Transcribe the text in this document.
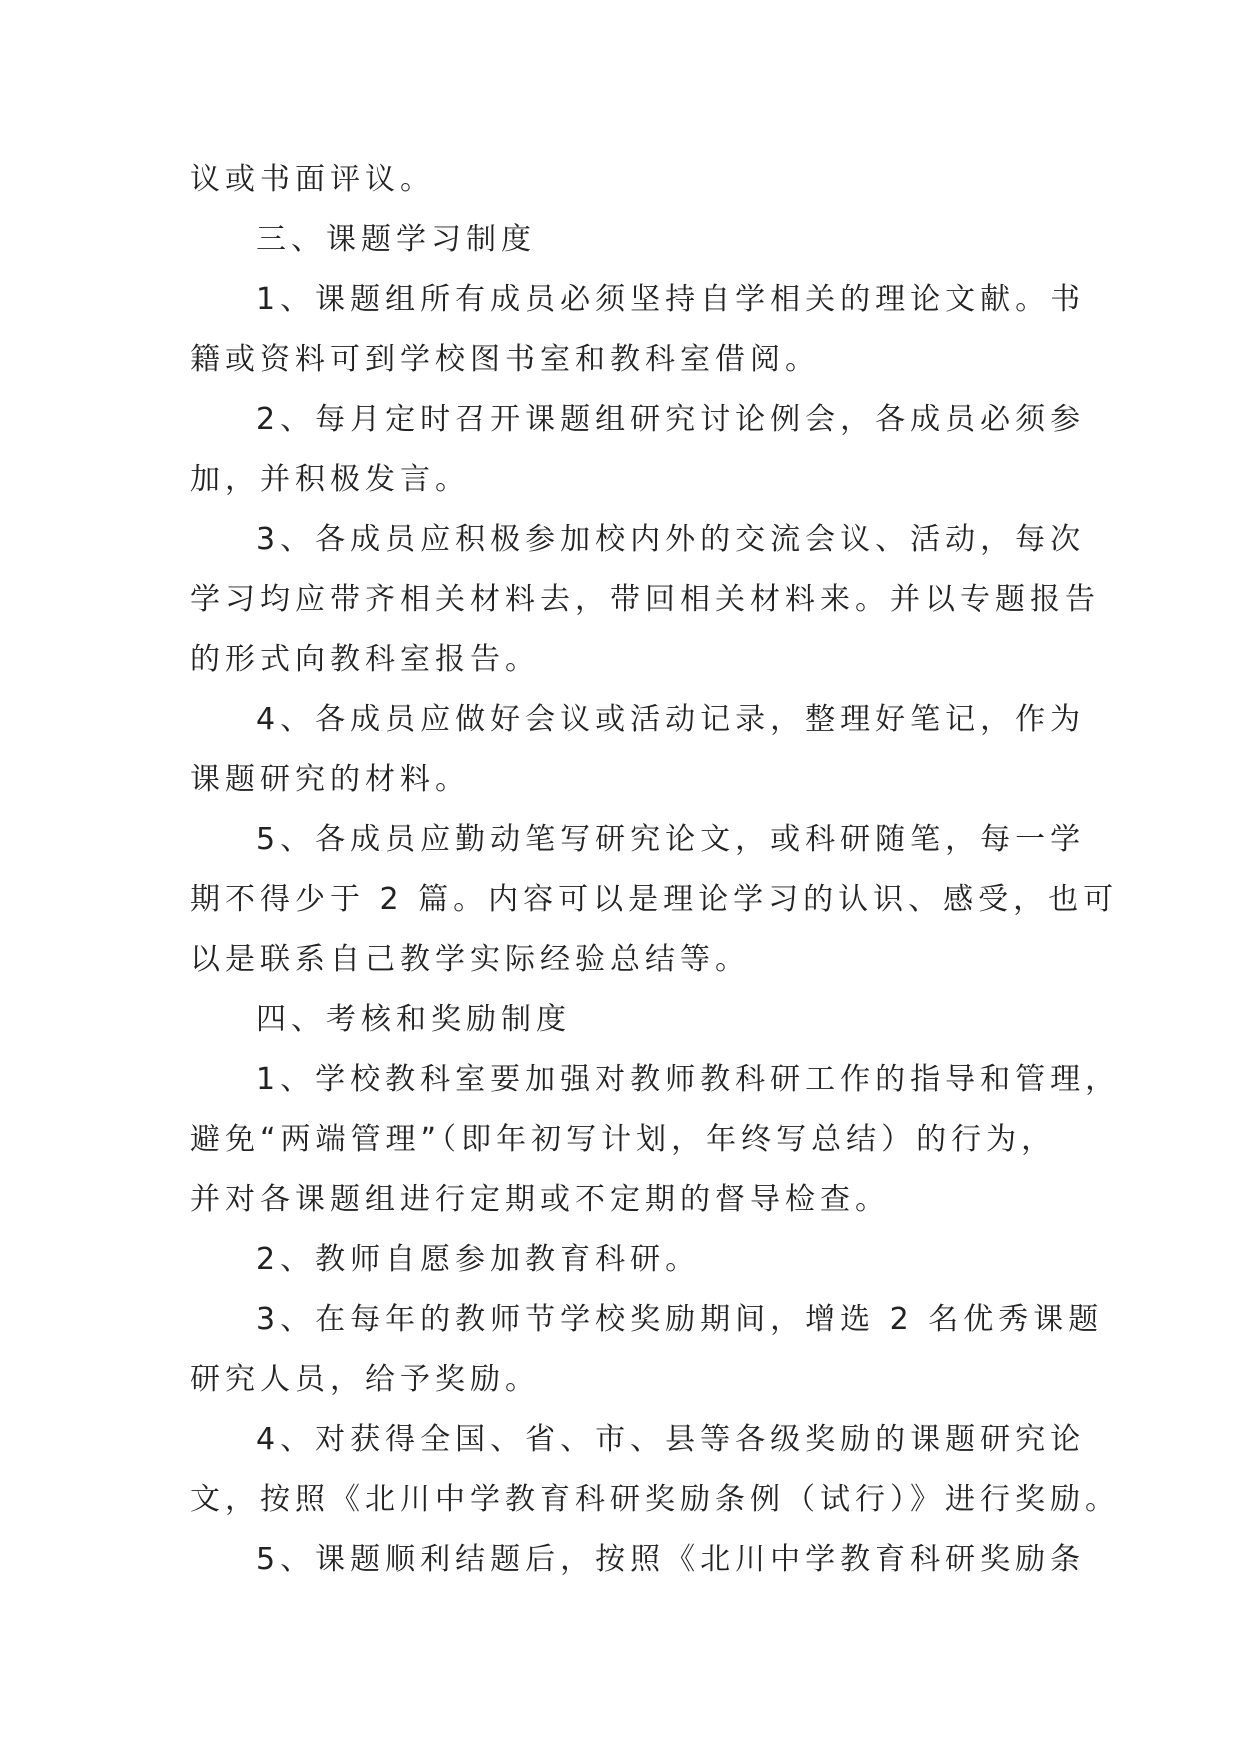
议或书面评议。
三、课题学习制度
1、课题组所有成员必须坚持自学相关的理论文献。书
籍或资料可到学校图书室和教科室借阅。
2、每月定时召开课题组研究讨论例会，各成员必须参
加，并积极发言。
3、各成员应积极参加校内外的交流会议、活动，每次
学习均应带齐相关材料去，带回相关材料来。并以专题报告
的形式向教科室报告。
4、各成员应做好会议或活动记录，整理好笔记，作为
课题研究的材料。
5、各成员应勤动笔写研究论文，或科研随笔，每一学
期不得少于 2 篇。内容可以是理论学习的认识、感受，也可
以是联系自己教学实际经验总结等。
四、考核和奖励制度
1、学校教科室要加强对教师教科研工作的指导和管理，
避免“两端管理”（即年初写计划，年终写总结）的行为，
并对各课题组进行定期或不定期的督导检查。
2、教师自愿参加教育科研。
3、在每年的教师节学校奖励期间，增选 2 名优秀课题
研究人员，给予奖励。
4、对获得全国、省、市、县等各级奖励的课题研究论
文，按照《北川中学教育科研奖励条例（试行）》进行奖励。
5、课题顺利结题后，按照《北川中学教育科研奖励条
